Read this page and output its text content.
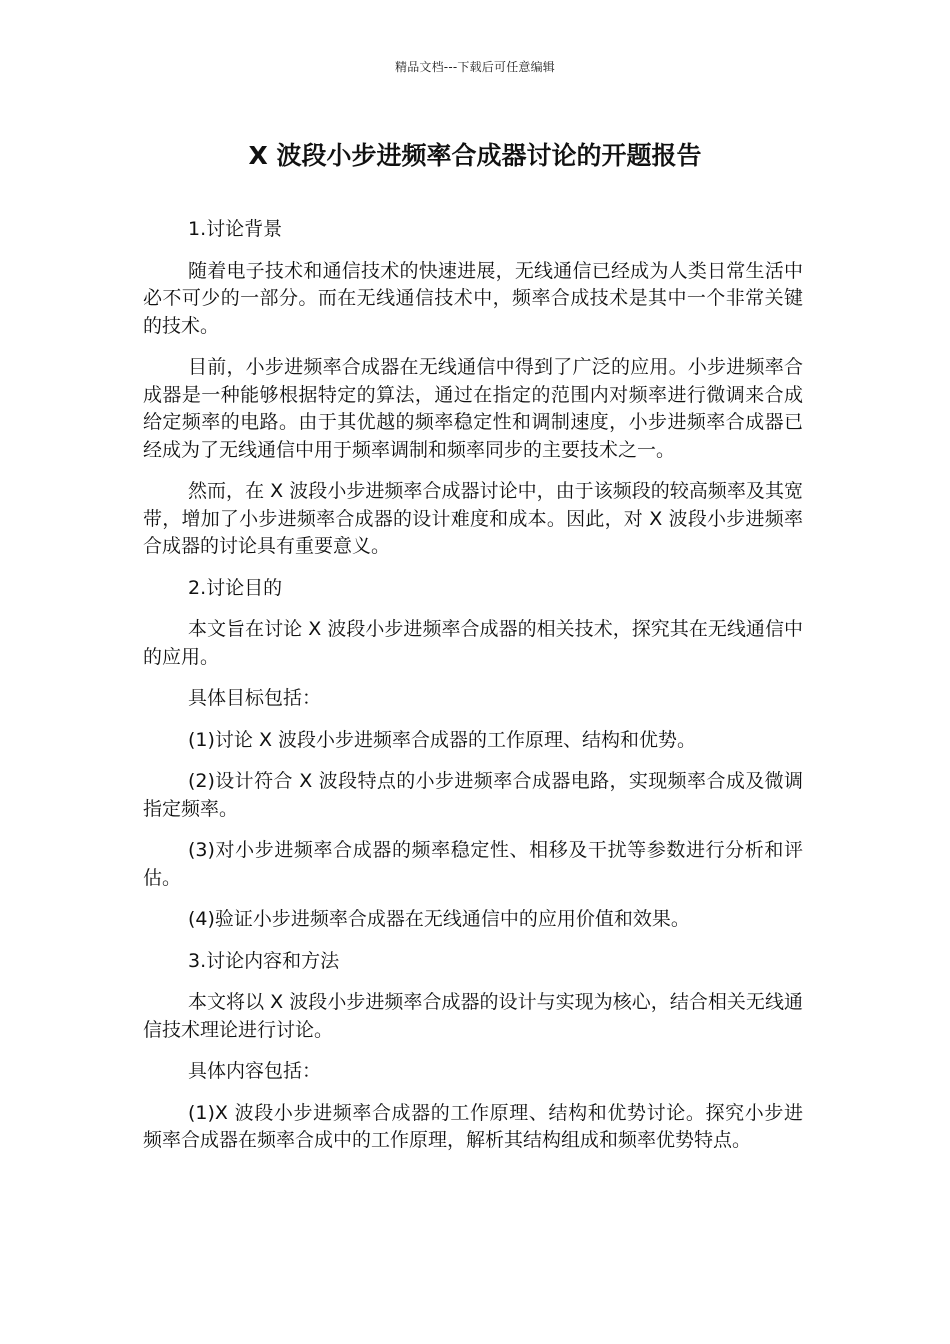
精品文档---下载后可任意编辑
X 波段小步进频率合成器讨论的开题报告

1.讨论背景

随着电子技术和通信技术的快速进展，无线通信已经成为人类日常生活中必不可少的一部分。而在无线通信技术中，频率合成技术是其中一个非常关键的技术。

目前，小步进频率合成器在无线通信中得到了广泛的应用。小步进频率合成器是一种能够根据特定的算法，通过在指定的范围内对频率进行微调来合成给定频率的电路。由于其优越的频率稳定性和调制速度，小步进频率合成器已经成为了无线通信中用于频率调制和频率同步的主要技术之一。

然而，在 X 波段小步进频率合成器讨论中，由于该频段的较高频率及其宽带，增加了小步进频率合成器的设计难度和成本。因此，对 X 波段小步进频率合成器的讨论具有重要意义。

2.讨论目的

本文旨在讨论 X 波段小步进频率合成器的相关技术，探究其在无线通信中的应用。

具体目标包括：

(1)讨论 X 波段小步进频率合成器的工作原理、结构和优势。

(2)设计符合 X 波段特点的小步进频率合成器电路，实现频率合成及微调指定频率。

(3)对小步进频率合成器的频率稳定性、相移及干扰等参数进行分析和评估。

(4)验证小步进频率合成器在无线通信中的应用价值和效果。

3.讨论内容和方法

本文将以 X 波段小步进频率合成器的设计与实现为核心，结合相关无线通信技术理论进行讨论。

具体内容包括：

(1)X 波段小步进频率合成器的工作原理、结构和优势讨论。探究小步进频率合成器在频率合成中的工作原理，解析其结构组成和频率优势特点。
